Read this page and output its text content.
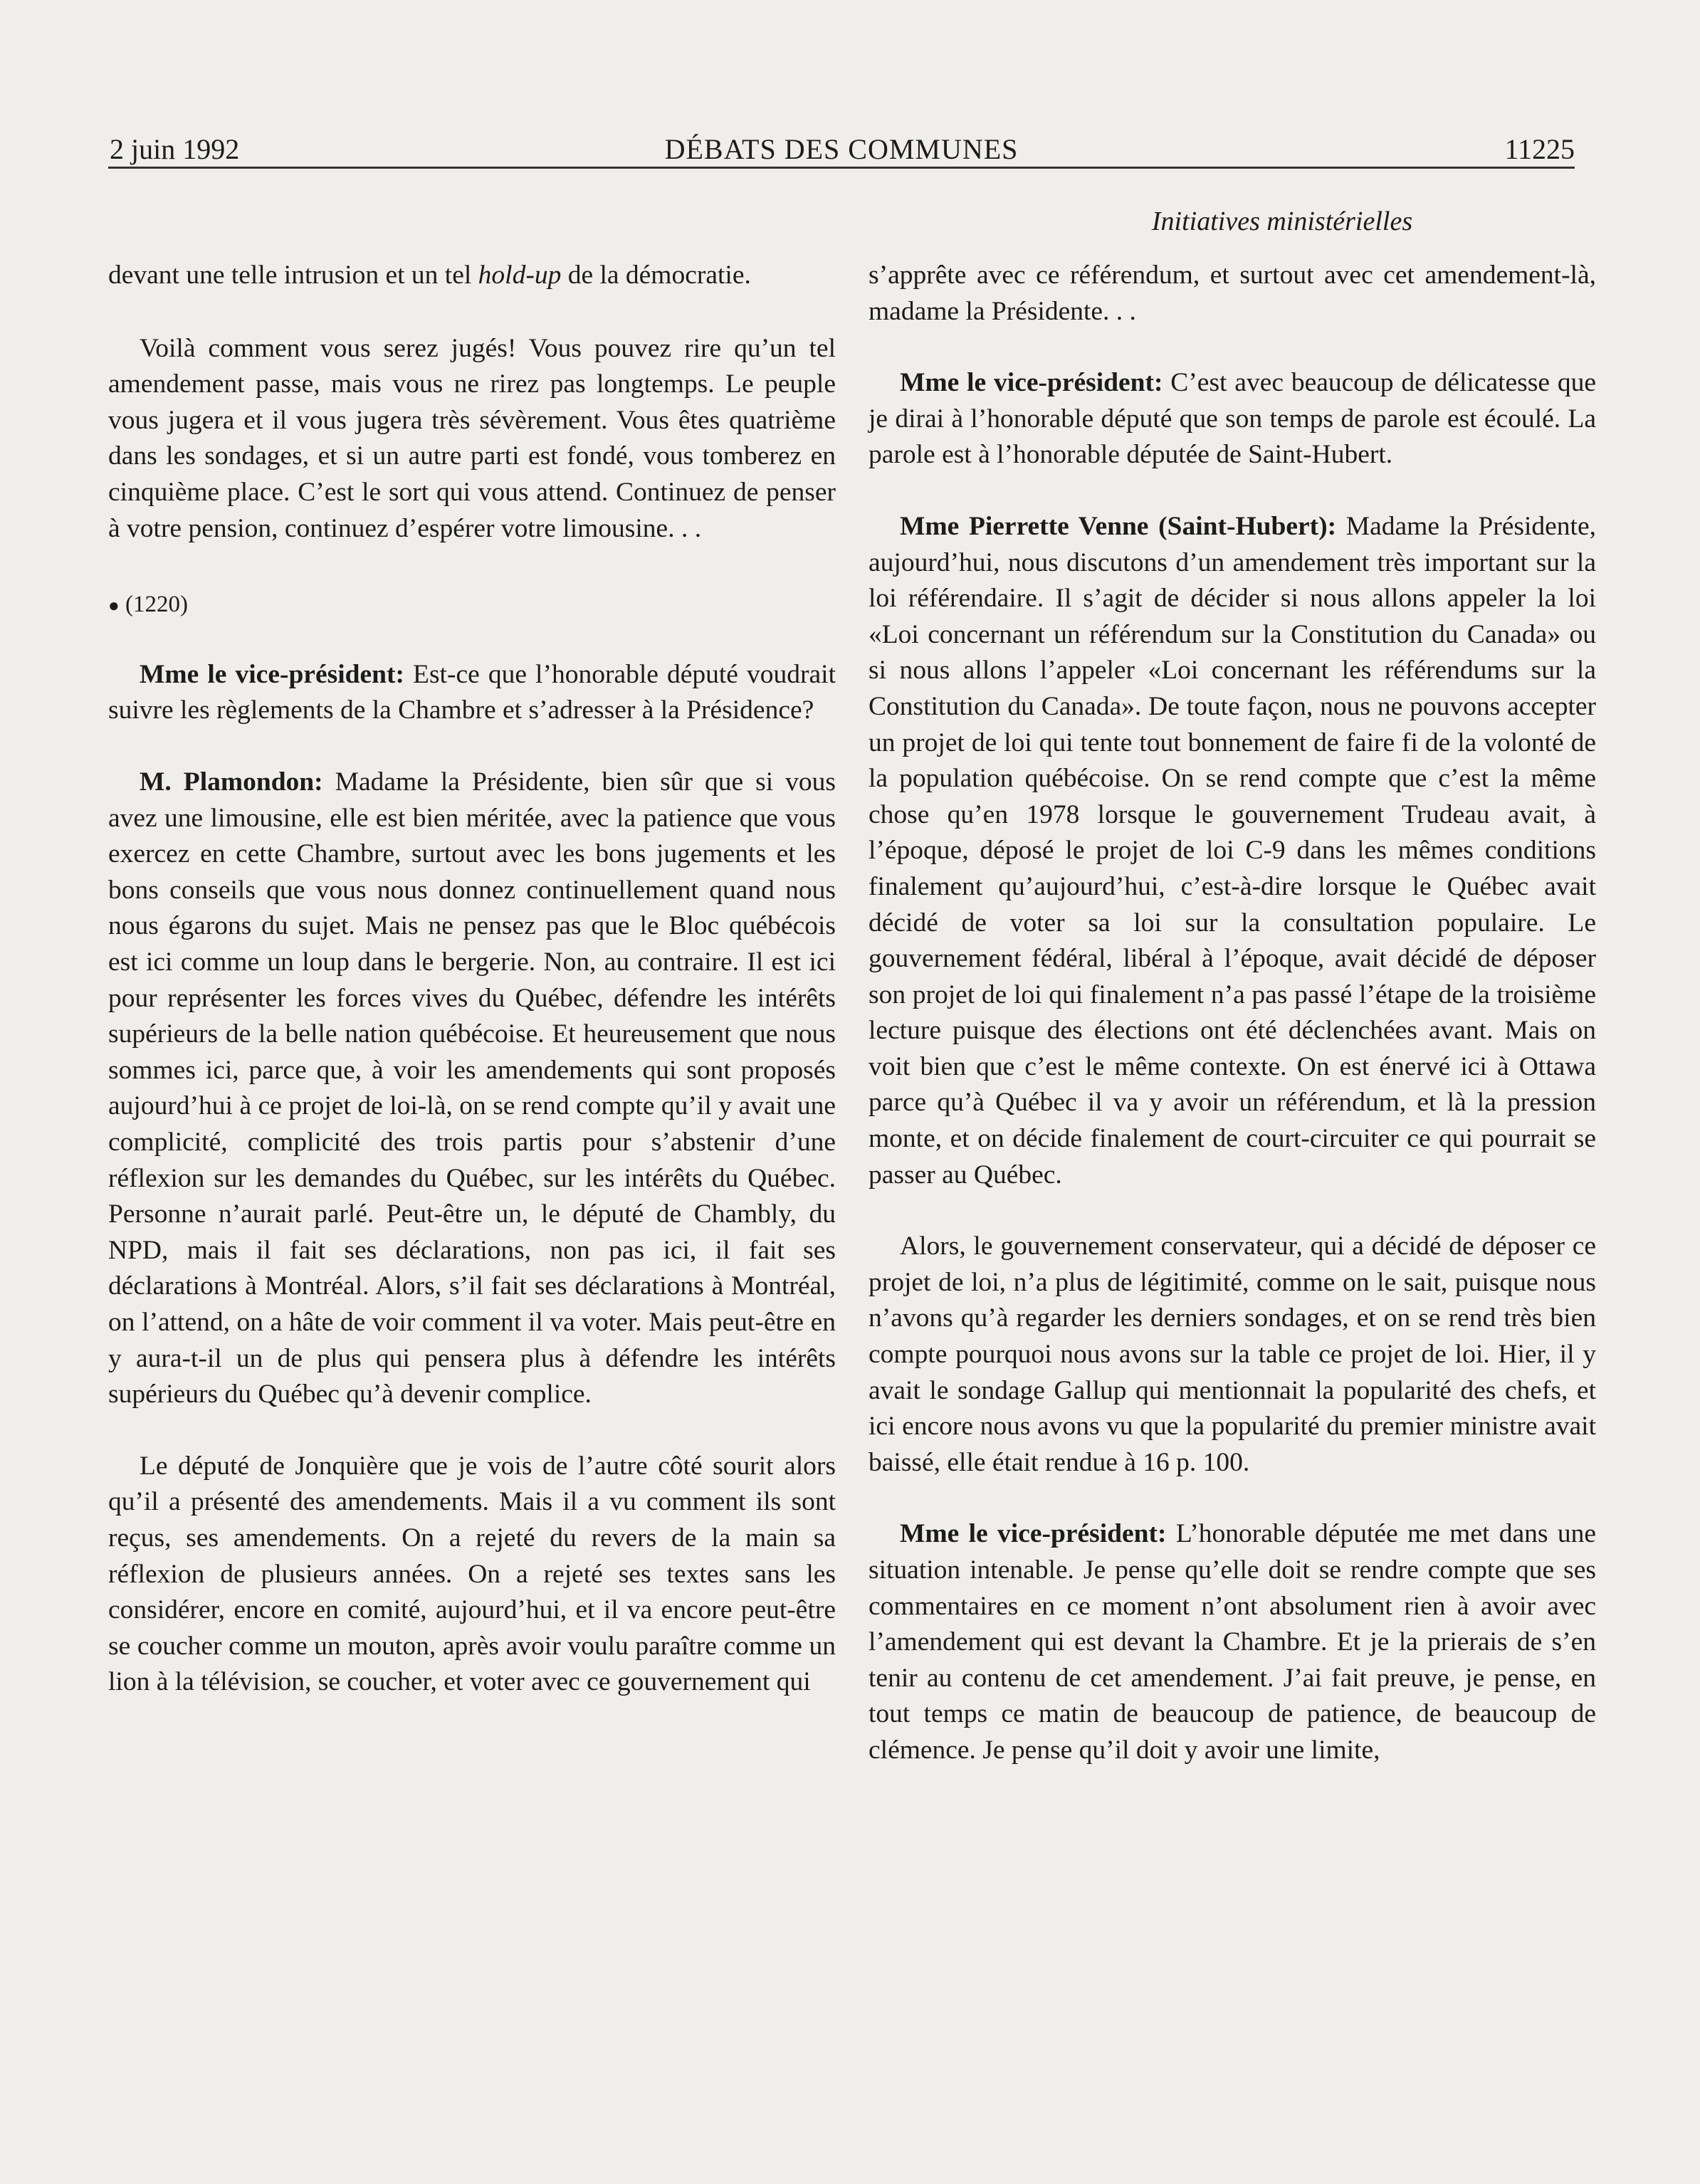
2 juin 1992	DÉBATS DES COMMUNES	11225
Initiatives ministérielles

devant une telle intrusion et un tel hold-up de la démocratie.

Voilà comment vous serez jugés! Vous pouvez rire qu’un tel amendement passe, mais vous ne rirez pas longtemps. Le peuple vous jugera et il vous jugera très sévèrement. Vous êtes quatrième dans les sondages, et si un autre parti est fondé, vous tomberez en cinquième place. C’est le sort qui vous attend. Continuez de penser à votre pension, continuez d’espérer votre limousine. . .

● (1220)

Mme le vice-président: Est-ce que l’honorable député voudrait suivre les règlements de la Chambre et s’adresser à la Présidence?

M. Plamondon: Madame la Présidente, bien sûr que si vous avez une limousine, elle est bien méritée, avec la patience que vous exercez en cette Chambre, surtout avec les bons jugements et les bons conseils que vous nous donnez continuellement quand nous nous égarons du sujet. Mais ne pensez pas que le Bloc québécois est ici comme un loup dans le bergerie. Non, au contraire. Il est ici pour représenter les forces vives du Québec, défendre les intérêts supérieurs de la belle nation québécoise. Et heureusement que nous sommes ici, parce que, à voir les amendements qui sont proposés aujourd’hui à ce projet de loi-là, on se rend compte qu’il y avait une complicité, complicité des trois partis pour s’abstenir d’une réflexion sur les demandes du Québec, sur les intérêts du Québec. Personne n’aurait parlé. Peut-être un, le député de Chambly, du NPD, mais il fait ses déclarations, non pas ici, il fait ses déclarations à Montréal. Alors, s’il fait ses déclarations à Montréal, on l’attend, on a hâte de voir comment il va voter. Mais peut-être en y aura-t-il un de plus qui pensera plus à défendre les intérêts supérieurs du Québec qu’à devenir complice.

Le député de Jonquière que je vois de l’autre côté sourit alors qu’il a présenté des amendements. Mais il a vu comment ils sont reçus, ses amendements. On a rejeté du revers de la main sa réflexion de plusieurs années. On a rejeté ses textes sans les considérer, encore en comité, aujourd’hui, et il va encore peut-être se coucher comme un mouton, après avoir voulu paraître comme un lion à la télévision, se coucher, et voter avec ce gouvernement qui

s’apprête avec ce référendum, et surtout avec cet amendement-là, madame la Présidente. . .

Mme le vice-président: C’est avec beaucoup de délicatesse que je dirai à l’honorable député que son temps de parole est écoulé. La parole est à l’honorable députée de Saint-Hubert.

Mme Pierrette Venne (Saint-Hubert): Madame la Présidente, aujourd’hui, nous discutons d’un amendement très important sur la loi référendaire. Il s’agit de décider si nous allons appeler la loi «Loi concernant un référendum sur la Constitution du Canada» ou si nous allons l’appeler «Loi concernant les référendums sur la Constitution du Canada». De toute façon, nous ne pouvons accepter un projet de loi qui tente tout bonnement de faire fi de la volonté de la population québécoise. On se rend compte que c’est la même chose qu’en 1978 lorsque le gouvernement Trudeau avait, à l’époque, déposé le projet de loi C-9 dans les mêmes conditions finalement qu’aujourd’hui, c’est-à-dire lorsque le Québec avait décidé de voter sa loi sur la consultation populaire. Le gouvernement fédéral, libéral à l’époque, avait décidé de déposer son projet de loi qui finalement n’a pas passé l’étape de la troisième lecture puisque des élections ont été déclenchées avant. Mais on voit bien que c’est le même contexte. On est énervé ici à Ottawa parce qu’à Québec il va y avoir un référendum, et là la pression monte, et on décide finalement de court-circuiter ce qui pourrait se passer au Québec.

Alors, le gouvernement conservateur, qui a décidé de déposer ce projet de loi, n’a plus de légitimité, comme on le sait, puisque nous n’avons qu’à regarder les derniers sondages, et on se rend très bien compte pourquoi nous avons sur la table ce projet de loi. Hier, il y avait le sondage Gallup qui mentionnait la popularité des chefs, et ici encore nous avons vu que la popularité du premier ministre avait baissé, elle était rendue à 16 p. 100.

Mme le vice-président: L’honorable députée me met dans une situation intenable. Je pense qu’elle doit se rendre compte que ses commentaires en ce moment n’ont absolument rien à avoir avec l’amendement qui est devant la Chambre. Et je la prierais de s’en tenir au contenu de cet amendement. J’ai fait preuve, je pense, en tout temps ce matin de beaucoup de patience, de beaucoup de clémence. Je pense qu’il doit y avoir une limite,
